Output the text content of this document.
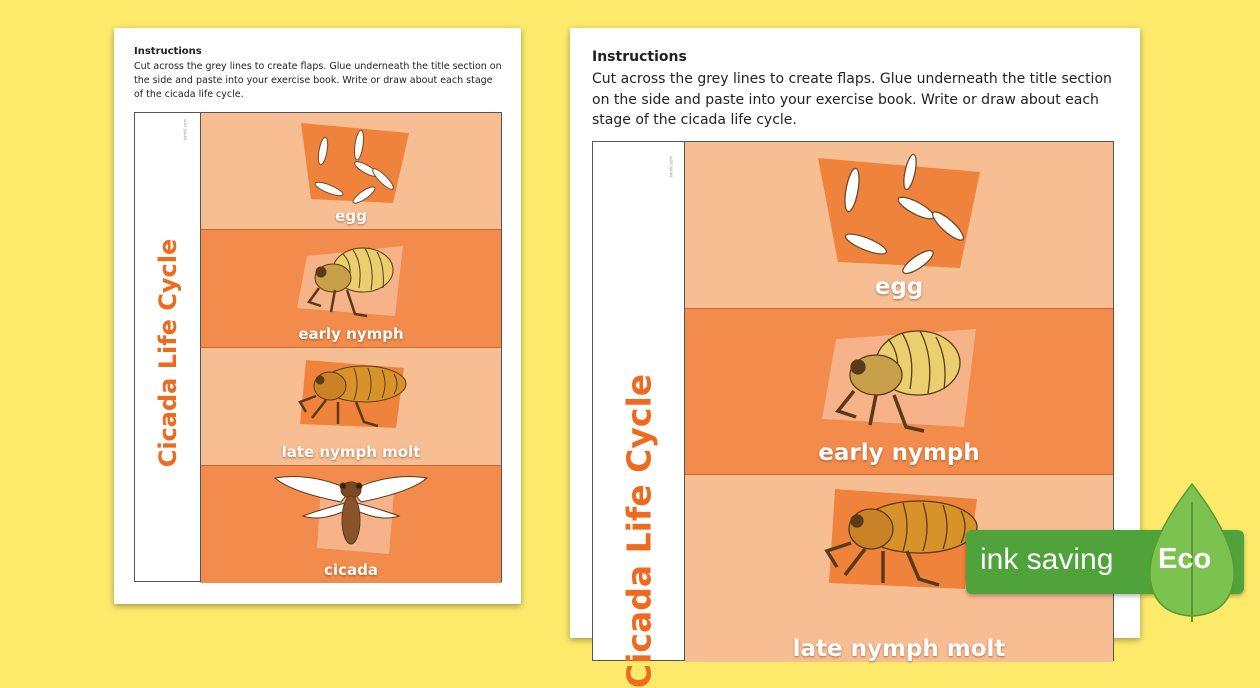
Instructions
Cut across the grey lines to create flaps. Glue underneath the title section on the side and paste into your exercise book. Write or draw about each stage of the cicada life cycle.
twinkl.com
Cicada Life Cycle
egg
early nymph
late nymph molt
cicada
Instructions
Cut across the grey lines to create flaps. Glue underneath the title section on the side and paste into your exercise book. Write or draw about each stage of the cicada life cycle.
twinkl.com
Cicada Life Cycle
egg
early nymph
late nymph molt
ink saving Eco
